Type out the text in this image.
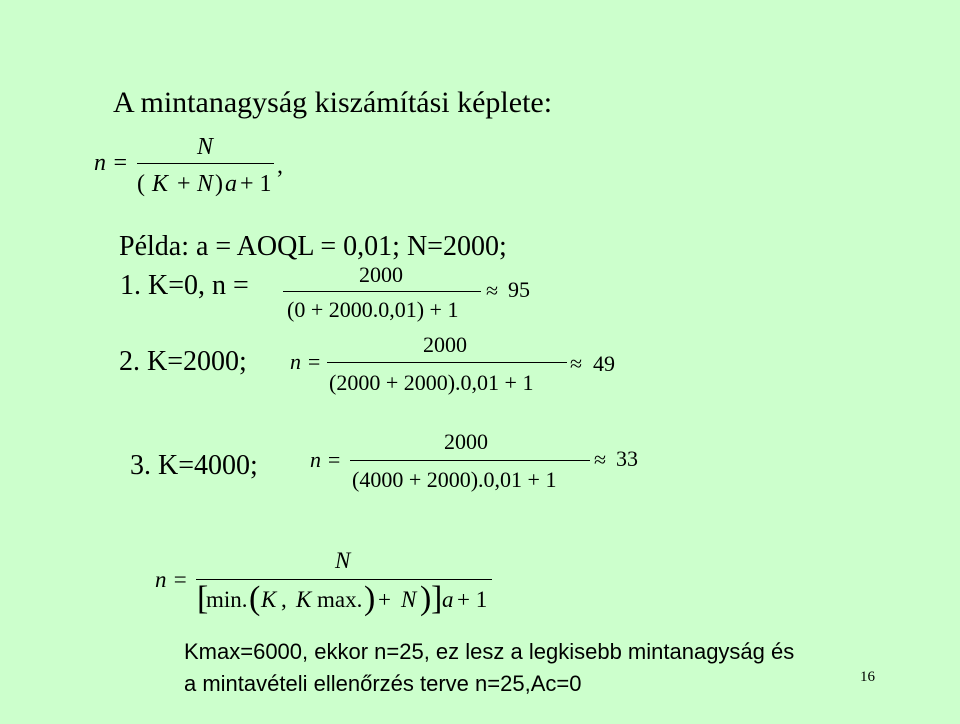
A mintanagyság kiszámítási képlete:
n =
N
( K + N ) a + 1
,
Példa: a = AOQL = 0,01; N=2000;
1. K=0, n =	2000
(0 + 2000.0,01) + 1
≈ 95
2. K=2000; n =
2000
(2000 + 2000).0,01 + 1
≈ 49
3. K=4000; n =
2000
(4000 + 2000).0,01 + 1
≈ 33
n =
N
[
min. ( K , K max. ) + N ) ] a + 1
Kmax=6000, ekkor n=25, ez lesz a legkisebb mintanagyság és
a mintavételi ellenőrzés terve n=25,Ac=0	16
